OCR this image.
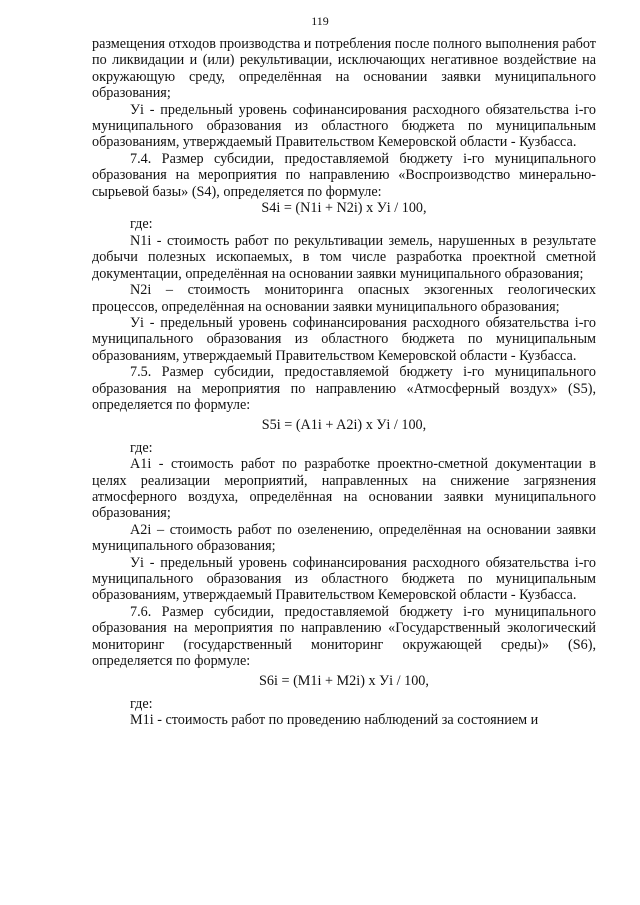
119

размещения отходов производства и потребления после полного выполнения работ по ликвидации и (или) рекультивации, исключающих негативное воздействие на окружающую среду, определённая на основании заявки муниципального образования;

Уi - предельный уровень софинансирования расходного обязательства i-го муниципального образования из областного бюджета по муниципальным образованиям, утверждаемый Правительством Кемеровской области - Кузбасса.

7.4. Размер субсидии, предоставляемой бюджету i-го муниципального образования на мероприятия по направлению «Воспроизводство минерально-сырьевой базы» (S4), определяется по формуле:

S4i = (N1i + N2i) x Уi / 100,

где:

N1i - стоимость работ по рекультивации земель, нарушенных в результате добычи полезных ископаемых, в том числе разработка проектной сметной документации, определённая на основании заявки муниципального образования;

N2i – стоимость мониторинга опасных экзогенных геологических процессов, определённая на основании заявки муниципального образования;

Уi - предельный уровень софинансирования расходного обязательства i-го муниципального образования из областного бюджета по муниципальным образованиям, утверждаемый Правительством Кемеровской области - Кузбасса.

7.5. Размер субсидии, предоставляемой бюджету i-го муниципального образования на мероприятия по направлению «Атмосферный воздух» (S5), определяется по формуле:

S5i = (A1i + A2i) x Уi / 100,

где:

A1i - стоимость работ по разработке проектно-сметной документации в целях реализации мероприятий, направленных на снижение загрязнения атмосферного воздуха, определённая на основании заявки муниципального образования;

A2i – стоимость работ по озеленению, определённая на основании заявки муниципального образования;

Уi - предельный уровень софинансирования расходного обязательства i-го муниципального образования из областного бюджета по муниципальным образованиям, утверждаемый Правительством Кемеровской области - Кузбасса.

7.6. Размер субсидии, предоставляемой бюджету i-го муниципального образования на мероприятия по направлению «Государственный экологический мониторинг (государственный мониторинг окружающей среды)» (S6), определяется по формуле:

S6i = (M1i + M2i) x Уi / 100,

где:

M1i - стоимость работ по проведению наблюдений за состоянием и
